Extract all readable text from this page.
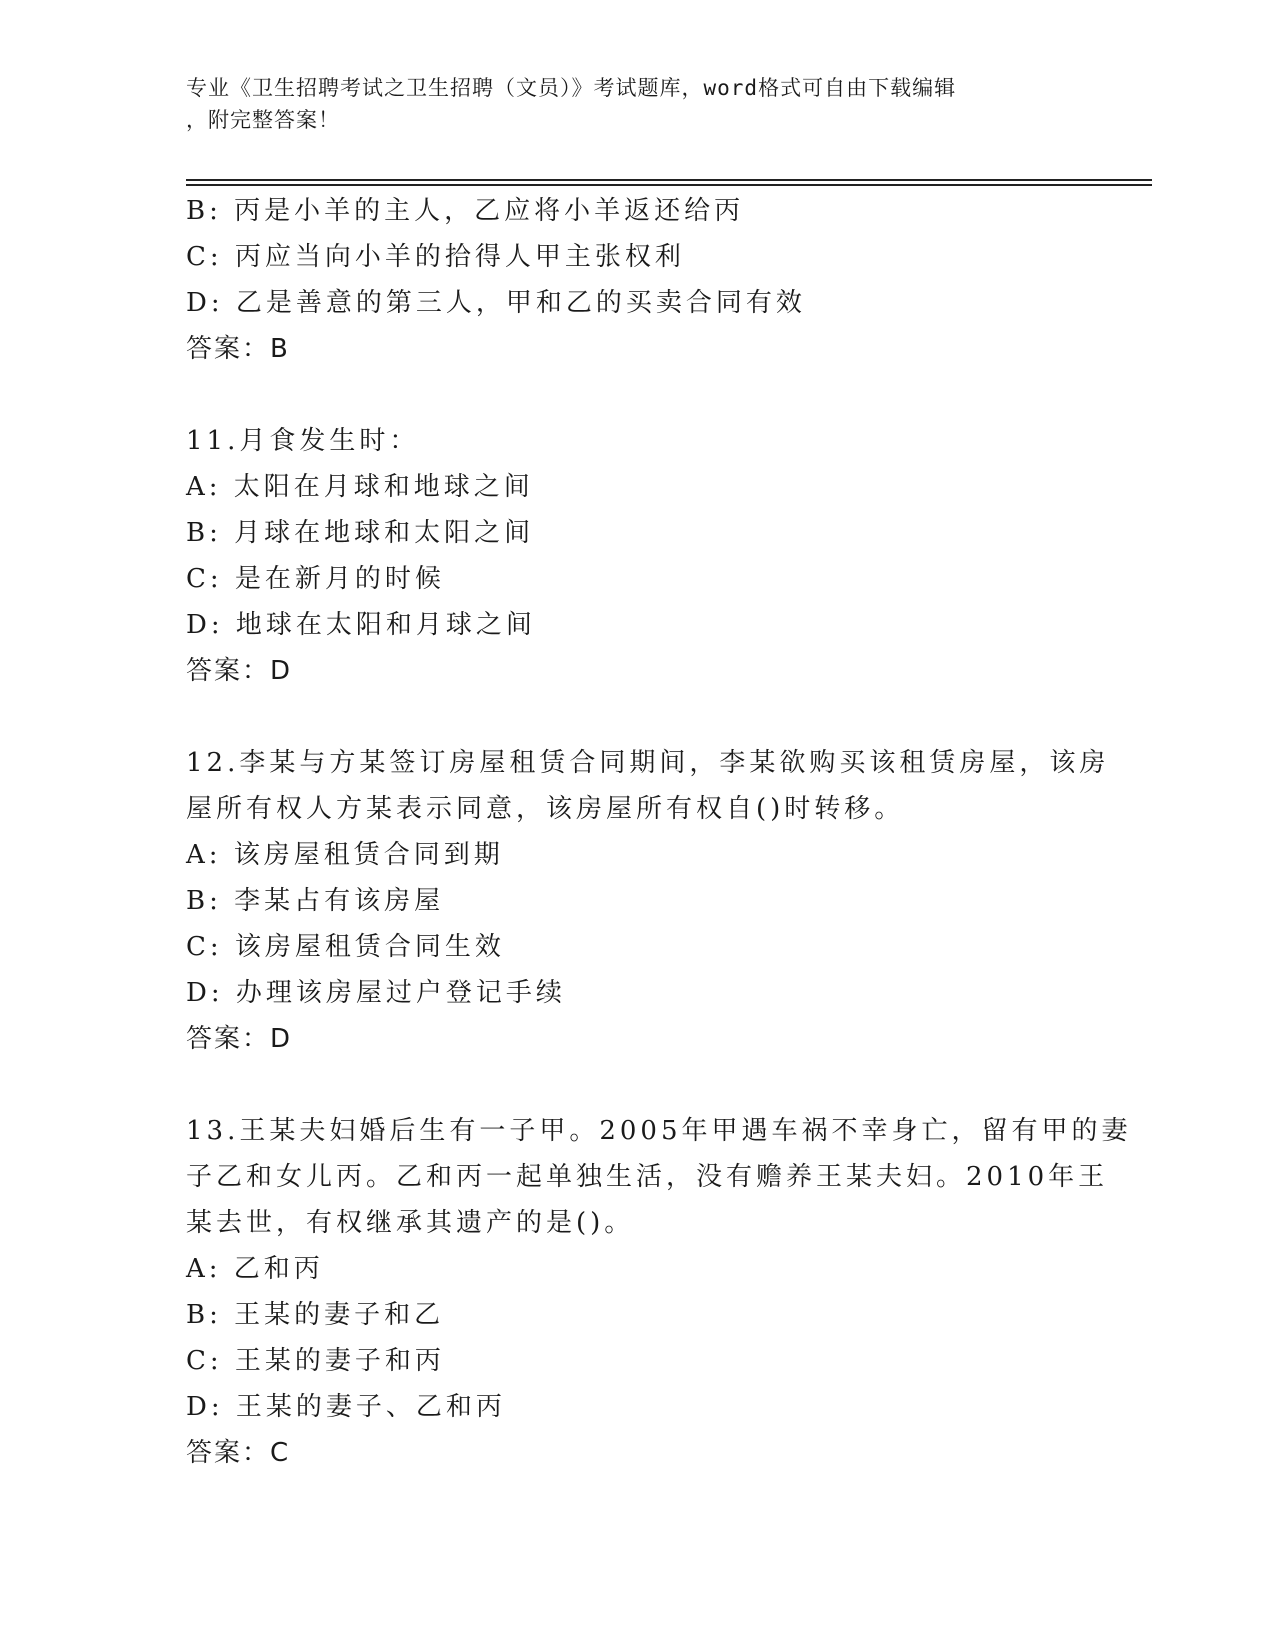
专业《卫生招聘考试之卫生招聘（文员）》考试题库，word格式可自由下载编辑
，附完整答案！
B: 丙是小羊的主人，乙应将小羊返还给丙
C: 丙应当向小羊的拾得人甲主张权利
D: 乙是善意的第三人，甲和乙的买卖合同有效
答案：B
11.月食发生时：
A: 太阳在月球和地球之间
B: 月球在地球和太阳之间
C: 是在新月的时候
D: 地球在太阳和月球之间
答案：D
12.李某与方某签订房屋租赁合同期间，李某欲购买该租赁房屋，该房
屋所有权人方某表示同意，该房屋所有权自()时转移。
A: 该房屋租赁合同到期
B: 李某占有该房屋
C: 该房屋租赁合同生效
D: 办理该房屋过户登记手续
答案：D
13.王某夫妇婚后生有一子甲。2005年甲遇车祸不幸身亡，留有甲的妻
子乙和女儿丙。乙和丙一起单独生活，没有赡养王某夫妇。2010年王
某去世，有权继承其遗产的是()。
A: 乙和丙
B: 王某的妻子和乙
C: 王某的妻子和丙
D: 王某的妻子、乙和丙
答案：C
